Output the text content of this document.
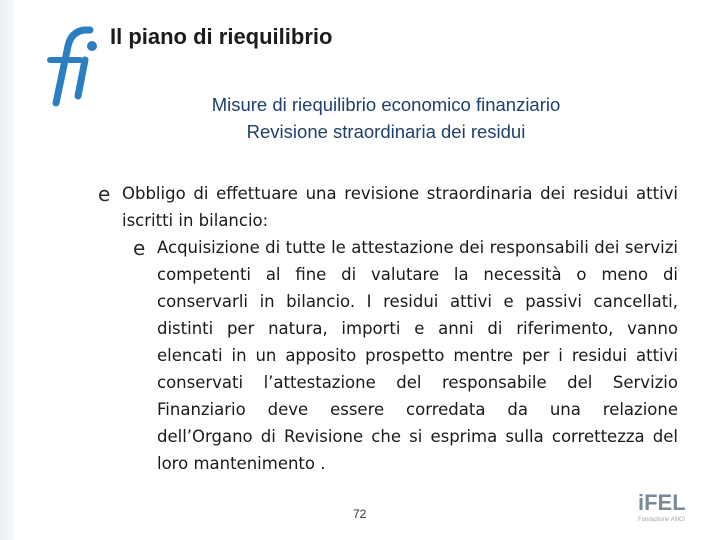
Il piano di riequilibrio
Misure di riequilibrio economico finanziario
Revisione straordinaria dei residui
e Obbligo di effettuare una revisione straordinaria dei residui attivi iscritti in bilancio:
e Acquisizione di tutte le attestazione dei responsabili dei servizi competenti al fine di valutare la necessità o meno di conservarli in bilancio. I residui attivi e passivi cancellati, distinti per natura, importi e anni di riferimento, vanno elencati in un apposito prospetto mentre per i residui attivi conservati l’attestazione del responsabile del Servizio Finanziario deve essere corredata da una relazione dell’Organo di Revisione che si esprima sulla correttezza del loro mantenimento .
72	iFEL
Fondazione ANCI
